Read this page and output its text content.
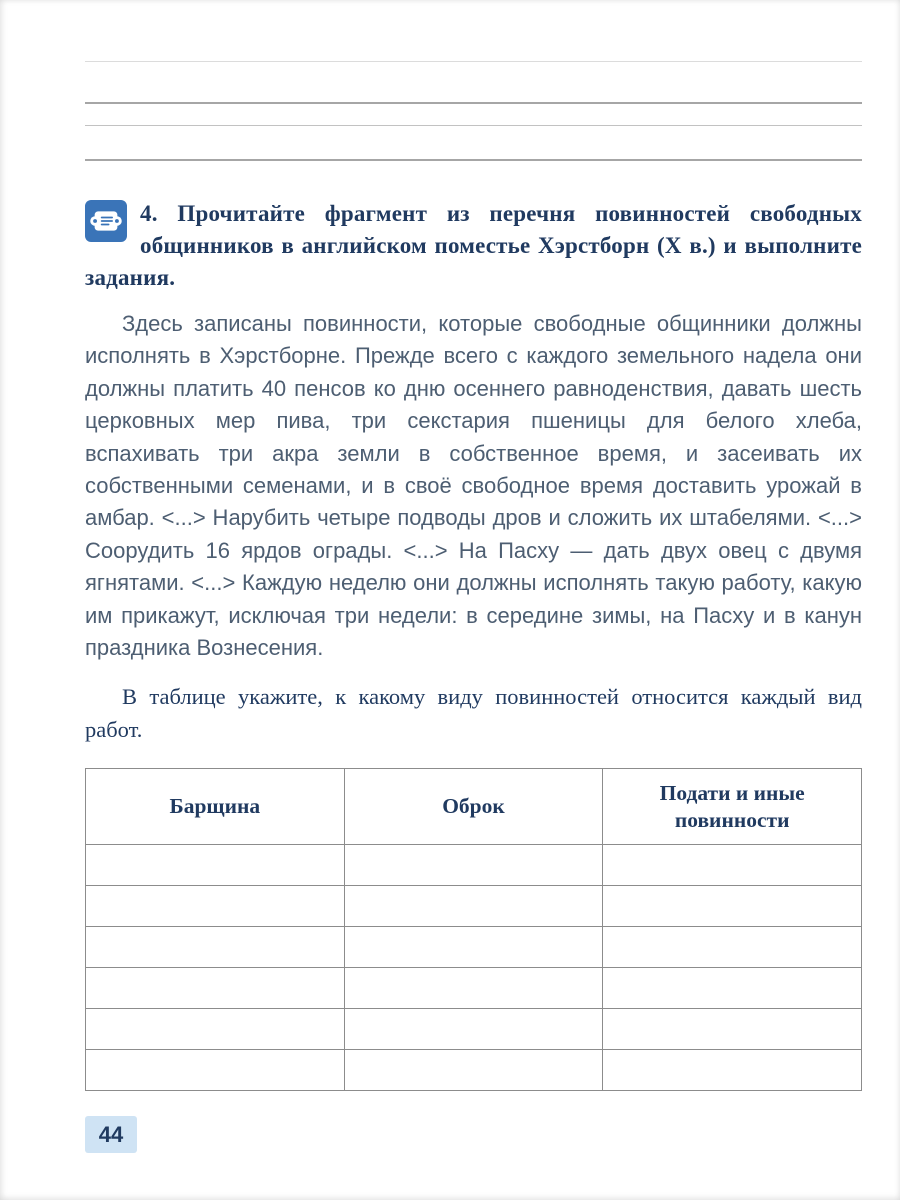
4. Прочитайте фрагмент из перечня повинностей свободных общинников в английском поместье Хэрстборн (X в.) и выполните задания.

Здесь записаны повинности, которые свободные общинники должны исполнять в Хэрстборне. Прежде всего с каждого земельного надела они должны платить 40 пенсов ко дню осеннего равноденствия, давать шесть церковных мер пива, три секстария пшеницы для белого хлеба, вспахивать три акра земли в собственное время, и засеивать их собственными семенами, и в своё свободное время доставить урожай в амбар. <...> Нарубить четыре подводы дров и сложить их штабелями. <...> Соорудить 16 ярдов ограды. <...> На Пасху — дать двух овец с двумя ягнятами. <...> Каждую неделю они должны исполнять такую работу, какую им прикажут, исключая три недели: в середине зимы, на Пасху и в канун праздника Вознесения.

В таблице укажите, к какому виду повинностей относится каждый вид работ.

Барщина	Оброк	Подати и иные повинности

44
